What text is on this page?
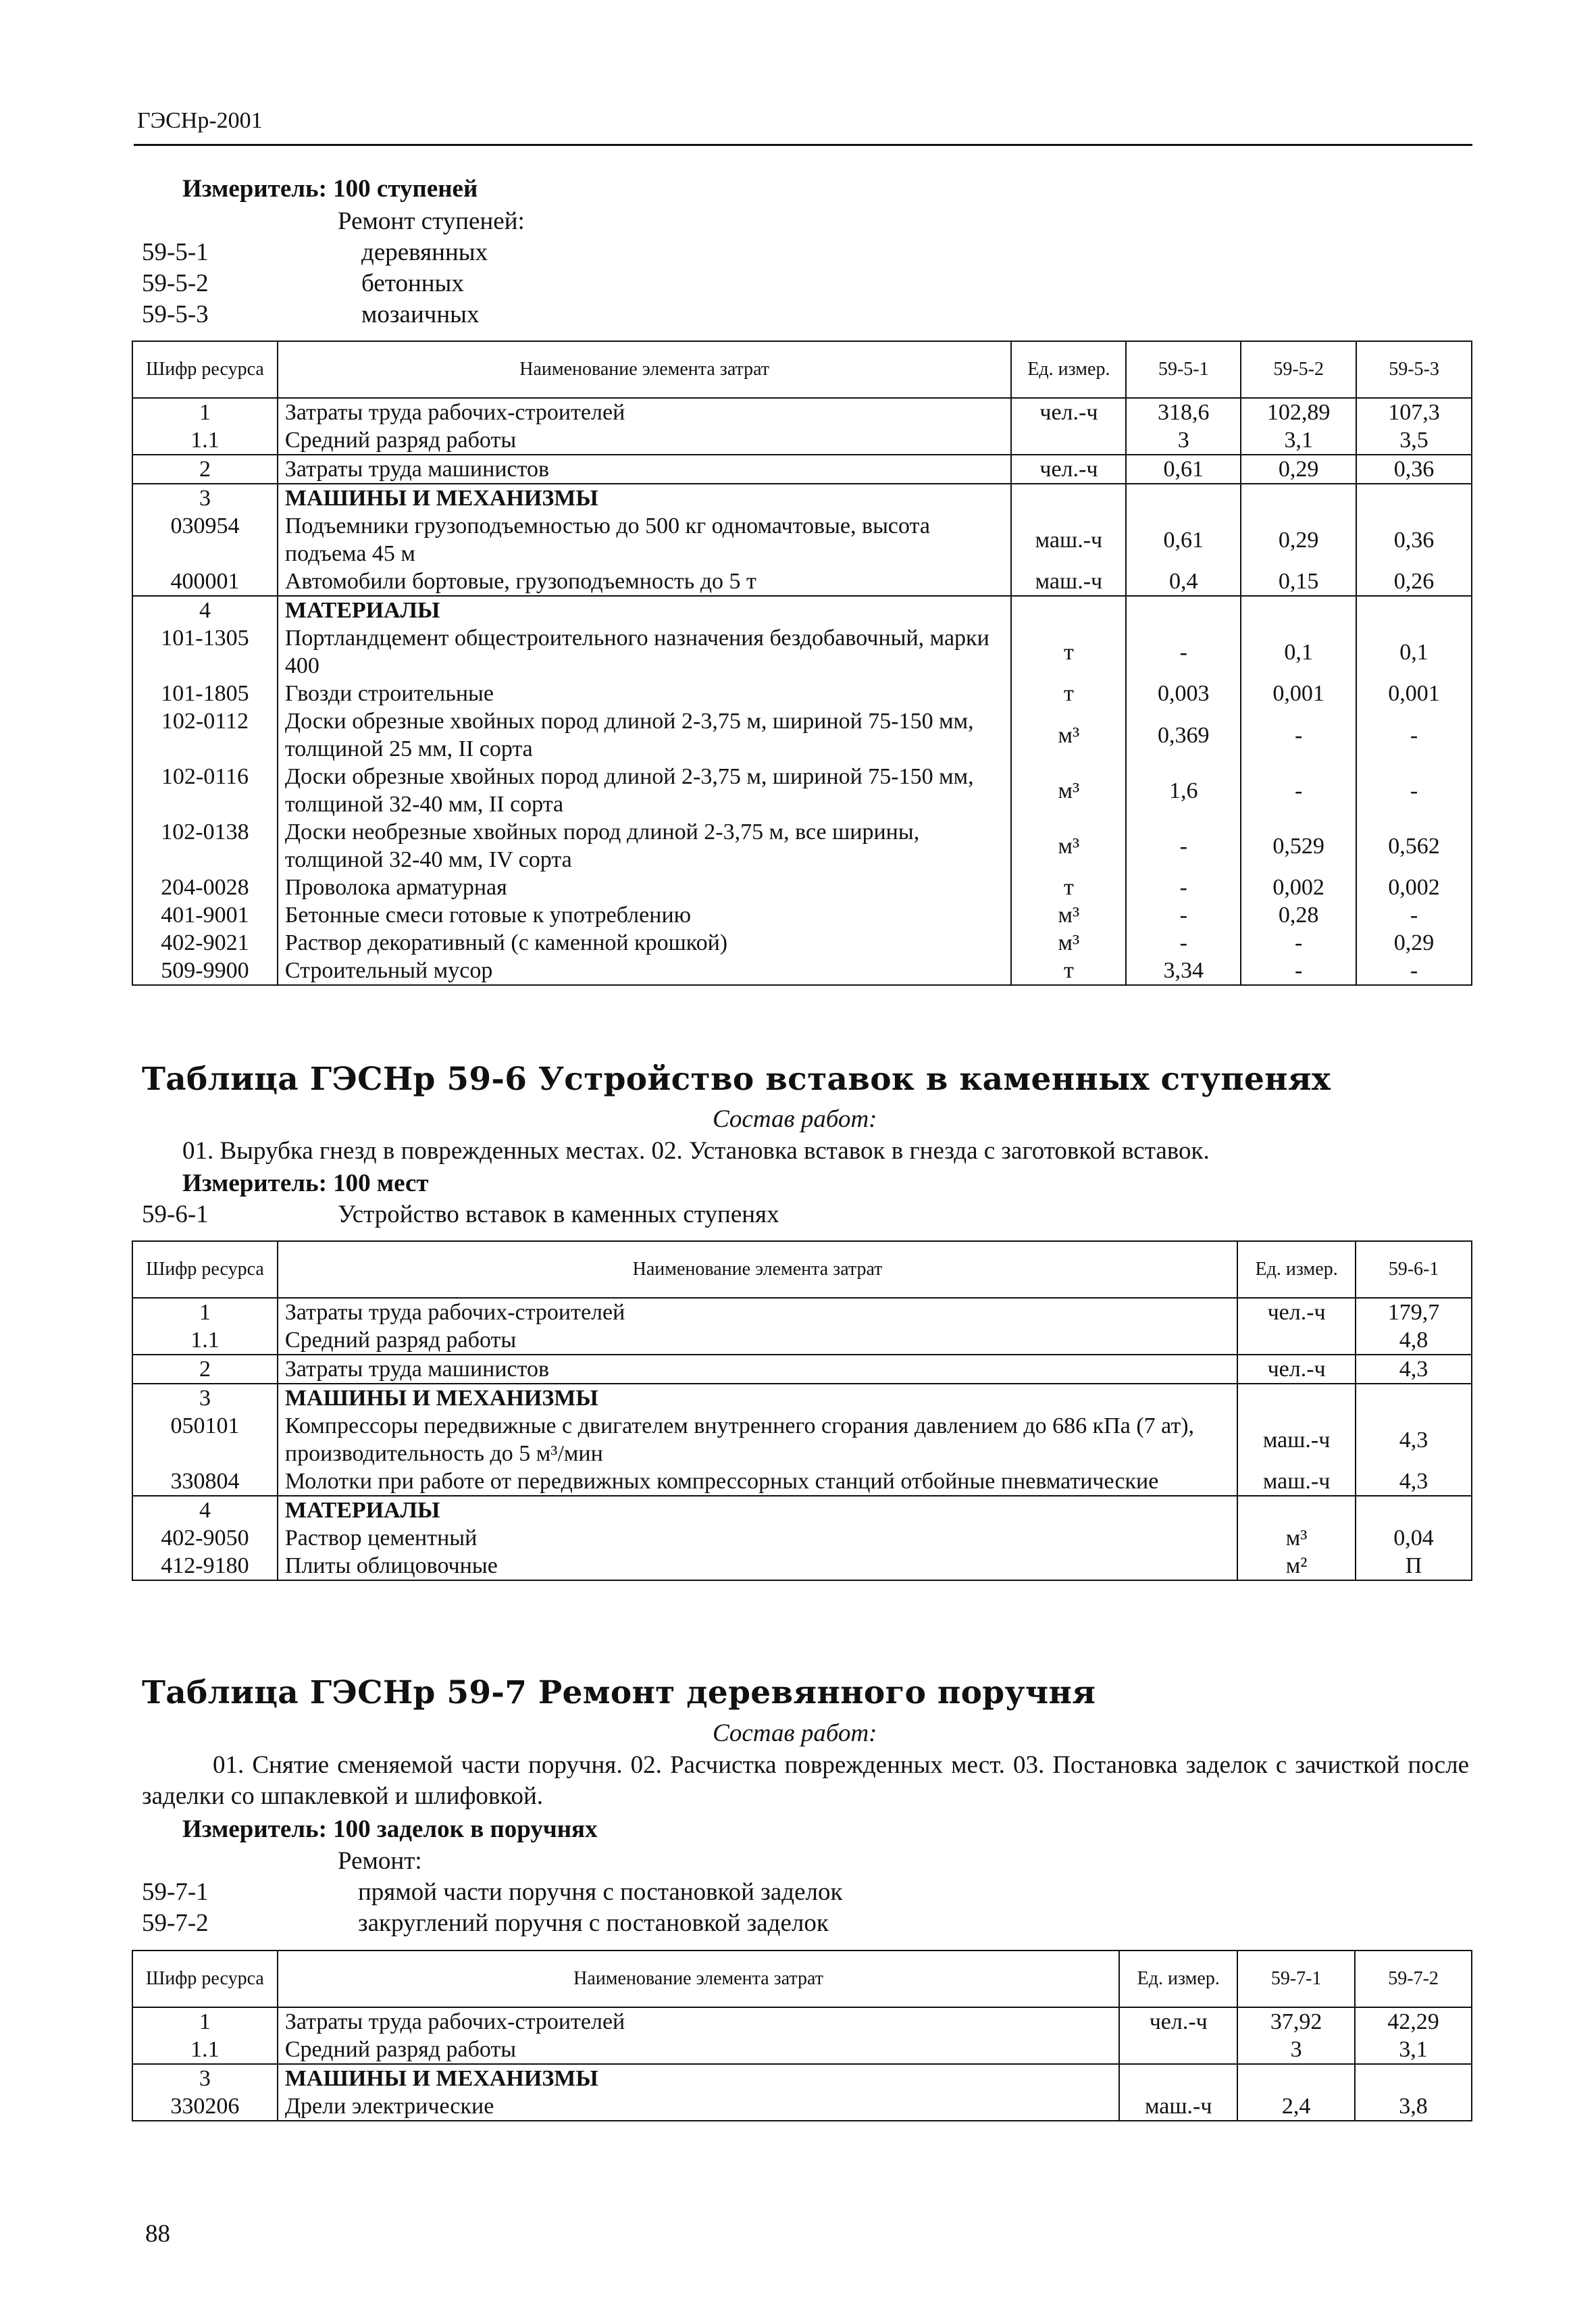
ГЭСНр-2001
Измеритель: 100 ступеней
Ремонт ступеней:
59-5-1	деревянных
59-5-2	бетонных
59-5-3	мозаичных
Шифр ресурса	Наименование элемента затрат	Ед. измер.	59-5-1	59-5-2	59-5-3
1	Затраты труда рабочих-строителей	чел.-ч	318,6	102,89	107,3
1.1	Средний разряд работы		3	3,1	3,5
2	Затраты труда машинистов	чел.-ч	0,61	0,29	0,36
3	МАШИНЫ И МЕХАНИЗМЫ				
030954	Подъемники грузоподъемностью до 500 кг одномачтовые, высота подъема 45 м	маш.-ч	0,61	0,29	0,36
400001	Автомобили бортовые, грузоподъемность до 5 т	маш.-ч	0,4	0,15	0,26
4	МАТЕРИАЛЫ				
101-1305	Портландцемент общестроительного назначения бездобавочный, марки 400	т	-	0,1	0,1
101-1805	Гвозди строительные	т	0,003	0,001	0,001
102-0112	Доски обрезные хвойных пород длиной 2-3,75 м, шириной 75-150 мм, толщиной 25 мм, II сорта	м³	0,369	-	-
102-0116	Доски обрезные хвойных пород длиной 2-3,75 м, шириной 75-150 мм, толщиной 32-40 мм, II сорта	м³	1,6	-	-
102-0138	Доски необрезные хвойных пород длиной 2-3,75 м, все ширины, толщиной 32-40 мм, IV сорта	м³	-	0,529	0,562
204-0028	Проволока арматурная	т	-	0,002	0,002
401-9001	Бетонные смеси готовые к употреблению	м³	-	0,28	-
402-9021	Раствор декоративный (с каменной крошкой)	м³	-	-	0,29
509-9900	Строительный мусор	т	3,34	-	-
Таблица ГЭСНр 59-6 Устройство вставок в каменных ступенях
Состав работ:
01. Вырубка гнезд в поврежденных местах. 02. Установка вставок в гнезда с заготовкой вставок.
Измеритель: 100 мест
59-6-1	Устройство вставок в каменных ступенях
Шифр ресурса	Наименование элемента затрат	Ед. измер.	59-6-1
1	Затраты труда рабочих-строителей	чел.-ч	179,7
1.1	Средний разряд работы		4,8
2	Затраты труда машинистов	чел.-ч	4,3
3	МАШИНЫ И МЕХАНИЗМЫ		
050101	Компрессоры передвижные с двигателем внутреннего сгорания давлением до 686 кПа (7 ат), производительность до 5 м³/мин	маш.-ч	4,3
330804	Молотки при работе от передвижных компрессорных станций отбойные пневматические	маш.-ч	4,3
4	МАТЕРИАЛЫ		
402-9050	Раствор цементный	м³	0,04
412-9180	Плиты облицовочные	м²	П
Таблица ГЭСНр 59-7 Ремонт деревянного поручня
Состав работ:
01. Снятие сменяемой части поручня. 02. Расчистка поврежденных мест. 03. Постановка заделок с зачисткой после заделки со шпаклевкой и шлифовкой.
Измеритель: 100 заделок в поручнях
Ремонт:
59-7-1	прямой части поручня с постановкой заделок
59-7-2	закруглений поручня с постановкой заделок
Шифр ресурса	Наименование элемента затрат	Ед. измер.	59-7-1	59-7-2
1	Затраты труда рабочих-строителей	чел.-ч	37,92	42,29
1.1	Средний разряд работы		3	3,1
3	МАШИНЫ И МЕХАНИЗМЫ			
330206	Дрели электрические	маш.-ч	2,4	3,8
88
